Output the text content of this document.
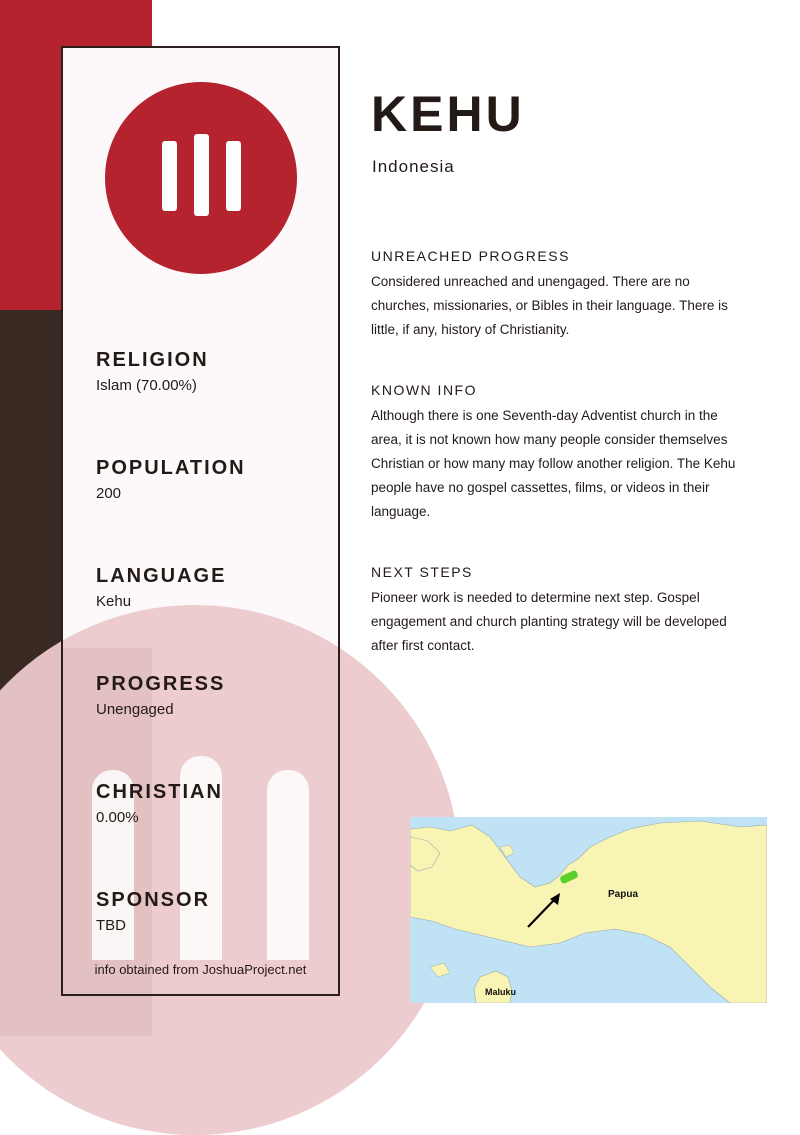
RELIGION
Islam (70.00%)
POPULATION
200
LANGUAGE
Kehu
PROGRESS
Unengaged
CHRISTIAN
0.00%
SPONSOR
TBD
info obtained from JoshuaProject.net
KEHU
Indonesia
UNREACHED PROGRESS
Considered unreached and unengaged. There are no churches, missionaries, or Bibles in their language. There is little, if any, history of Christianity.
KNOWN INFO
Although there is one Seventh-day Adventist church in the area, it is not known how many people consider themselves Christian or how many may follow another religion. The Kehu people have no gospel cassettes, films, or videos in their language.
NEXT STEPS
Pioneer work is needed to determine next step. Gospel engagement and church planting strategy will be developed after first contact.
Papua
Maluku
